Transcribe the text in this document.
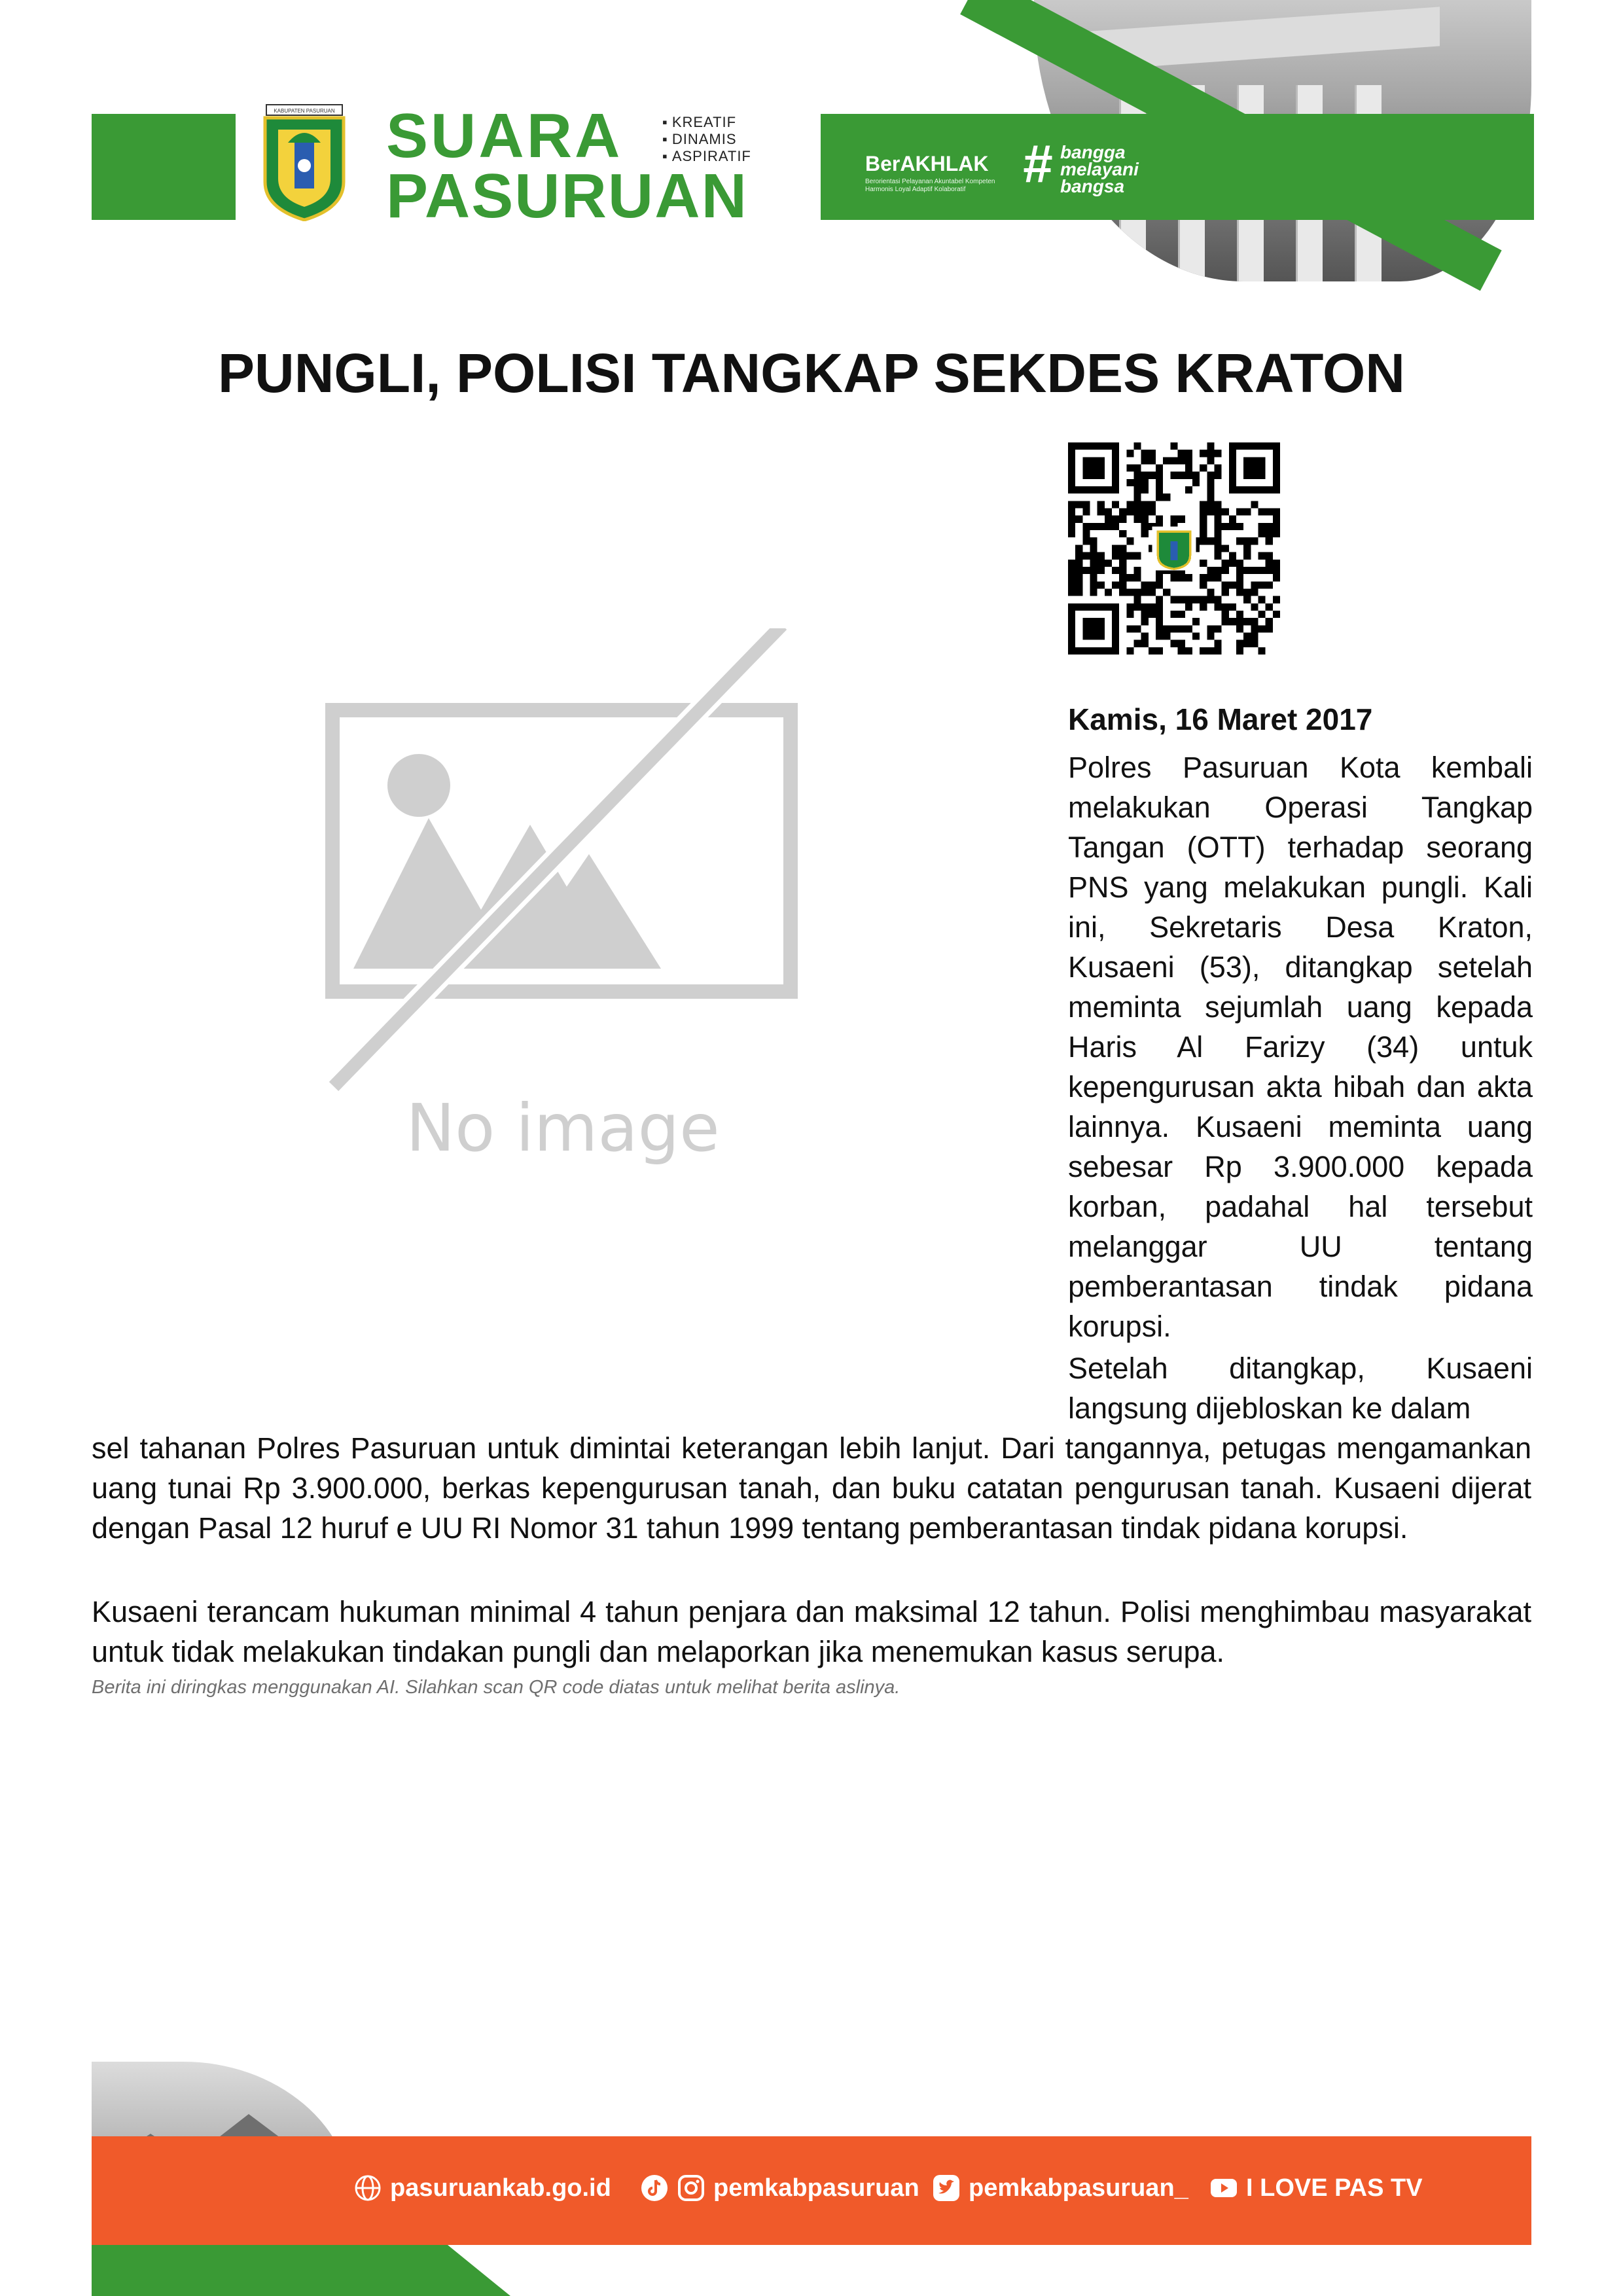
KABUPATEN PASURUAN SUARA
PASURUAN
▪ KREATIF
▪ DINAMIS
▪ ASPIRATIF	BerAKHLAK
Berorientasi Pelayanan Akuntabel Kompeten Harmonis Loyal Adaptif Kolaboratif	# bangga
melayani
bangsa
PUNGLI, POLISI TANGKAP SEKDES KRATON
No image
Kamis, 16 Maret 2017
Polres Pasuruan Kota kembali melakukan Operasi Tangkap Tangan (OTT) terhadap seorang PNS yang melakukan pungli. Kali ini, Sekretaris Desa Kraton, Kusaeni (53), ditangkap setelah meminta sejumlah uang kepada Haris Al Farizy (34) untuk kepengurusan akta hibah dan akta lainnya. Kusaeni meminta uang sebesar Rp 3.900.000 kepada korban, padahal hal tersebut melanggar UU tentang pemberantasan tindak pidana korupsi.
Setelah ditangkap, Kusaeni langsung dijebloskan ke dalam
sel tahanan Polres Pasuruan untuk dimintai keterangan lebih lanjut. Dari tangannya, petugas mengamankan uang tunai Rp 3.900.000, berkas kepengurusan tanah, dan buku catatan pengurusan tanah. Kusaeni dijerat dengan Pasal 12 huruf e UU RI Nomor 31 tahun 1999 tentang pemberantasan tindak pidana korupsi.
Kusaeni terancam hukuman minimal 4 tahun penjara dan maksimal 12 tahun. Polisi menghimbau masyarakat untuk tidak melakukan tindakan pungli dan melaporkan jika menemukan kasus serupa.
Berita ini diringkas menggunakan AI. Silahkan scan QR code diatas untuk melihat berita aslinya.
pasuruankab.go.id	pemkabpasuruan pemkabpasuruan_ I LOVE PAS TV
